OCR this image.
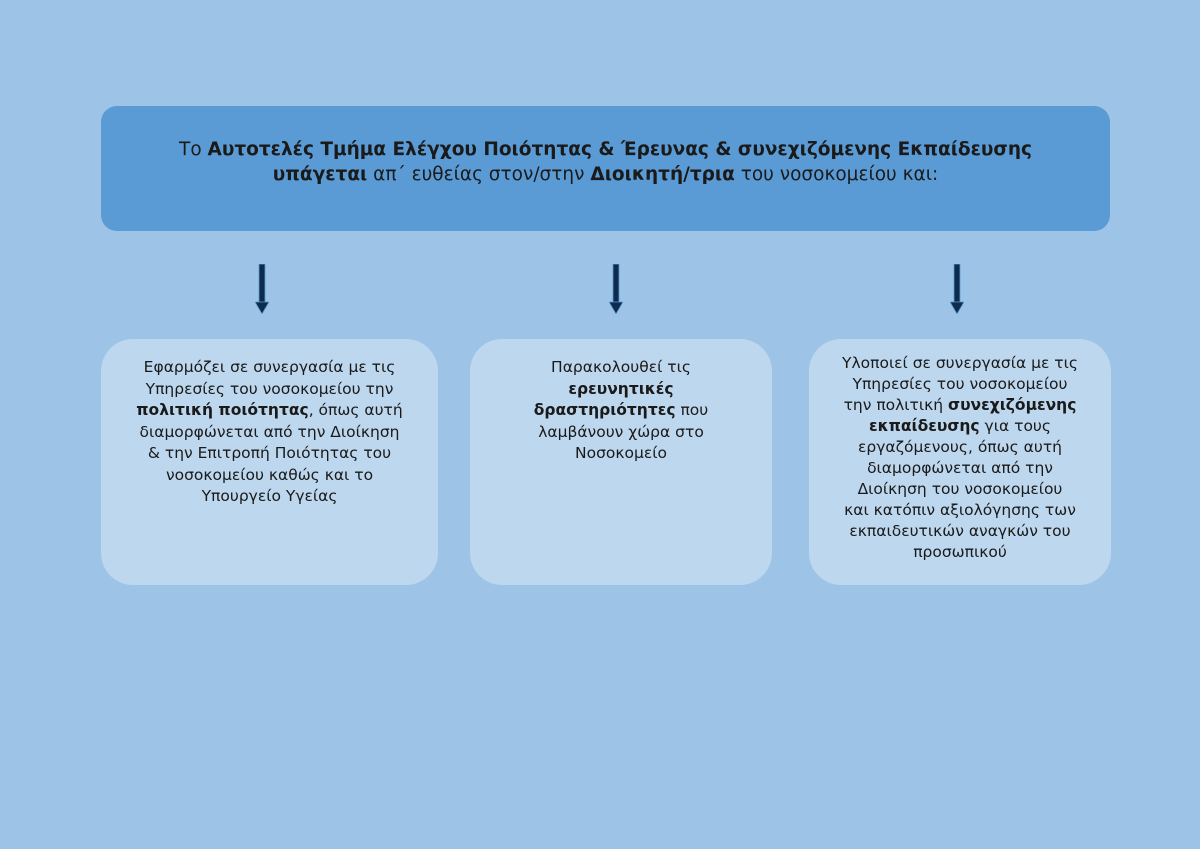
Το Αυτοτελές Τμήμα Ελέγχου Ποιότητας & Έρευνας & συνεχιζόμενης Εκπαίδευσης
υπάγεται απ΄ ευθείας στον/στην Διοικητή/τρια του νοσοκομείου και:
Εφαρμόζει σε συνεργασία με τις
Υπηρεσίες του νοσοκομείου την
πολιτική ποιότητας, όπως αυτή
διαμορφώνεται από την Διοίκηση
& την Επιτροπή Ποιότητας του
νοσοκομείου καθώς και το
Υπουργείο Υγείας
Παρακολουθεί τις
ερευνητικές
δραστηριότητες που
λαμβάνουν χώρα στο
Νοσοκομείο
Υλοποιεί σε συνεργασία με τις
Υπηρεσίες του νοσοκομείου
την πολιτική συνεχιζόμενης
εκπαίδευσης για τους
εργαζόμενους, όπως αυτή
διαμορφώνεται από την
Διοίκηση του νοσοκομείου
και κατόπιν αξιολόγησης των
εκπαιδευτικών αναγκών του
προσωπικού
